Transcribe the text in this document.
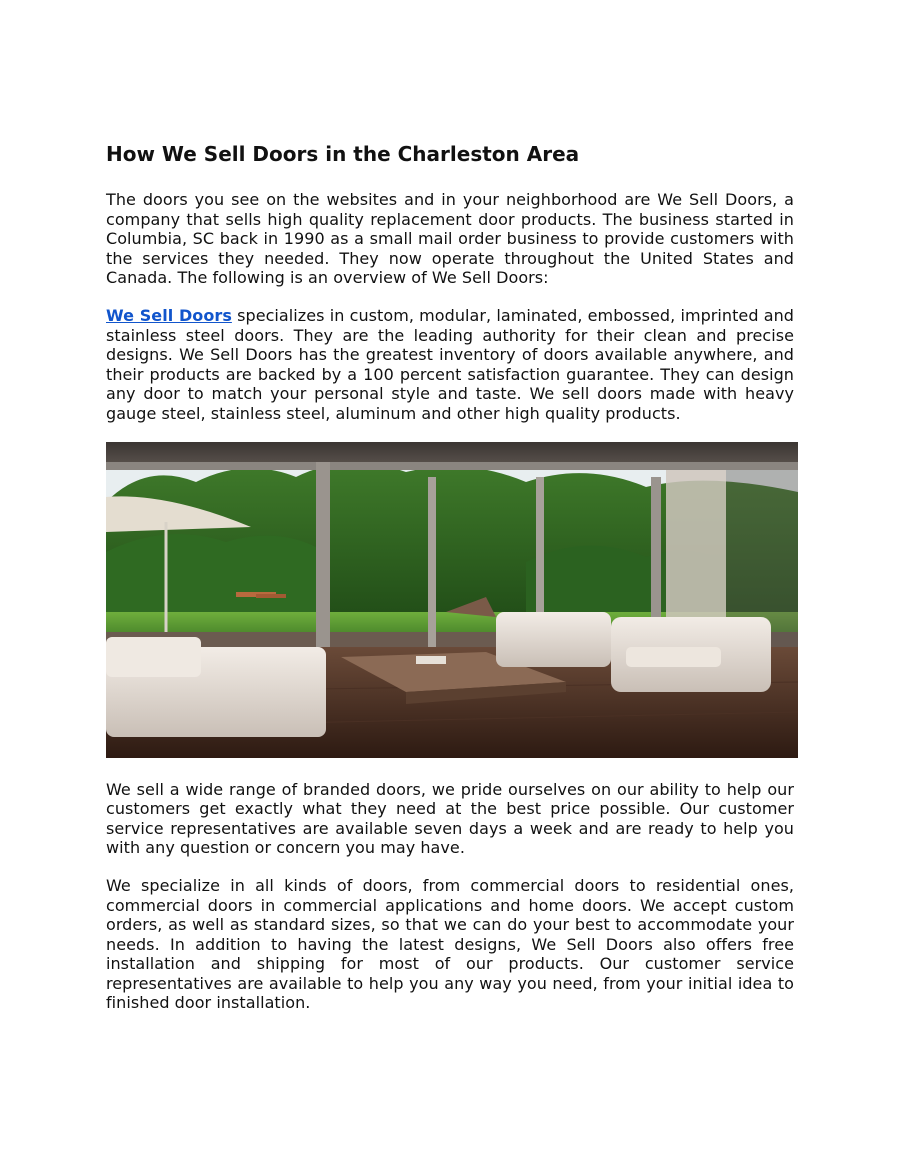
How We Sell Doors in the Charleston Area

The doors you see on the websites and in your neighborhood are We Sell Doors, a company that sells high quality replacement door products. The business started in Columbia, SC back in 1990 as a small mail order business to provide customers with the services they needed. They now operate throughout the United States and Canada. The following is an overview of We Sell Doors:

We Sell Doors specializes in custom, modular, laminated, embossed, imprinted and stainless steel doors. They are the leading authority for their clean and precise designs. We Sell Doors has the greatest inventory of doors available anywhere, and their products are backed by a 100 percent satisfaction guarantee. They can design any door to match your personal style and taste. We sell doors made with heavy gauge steel, stainless steel, aluminum and other high quality products.

We sell a wide range of branded doors, we pride ourselves on our ability to help our customers get exactly what they need at the best price possible. Our customer service representatives are available seven days a week and are ready to help you with any question or concern you may have.

We specialize in all kinds of doors, from commercial doors to residential ones, commercial doors in commercial applications and home doors. We accept custom orders, as well as standard sizes, so that we can do your best to accommodate your needs. In addition to having the latest designs, We Sell Doors also offers free installation and shipping for most of our products. Our customer service representatives are available to help you any way you need, from your initial idea to finished door installation.
